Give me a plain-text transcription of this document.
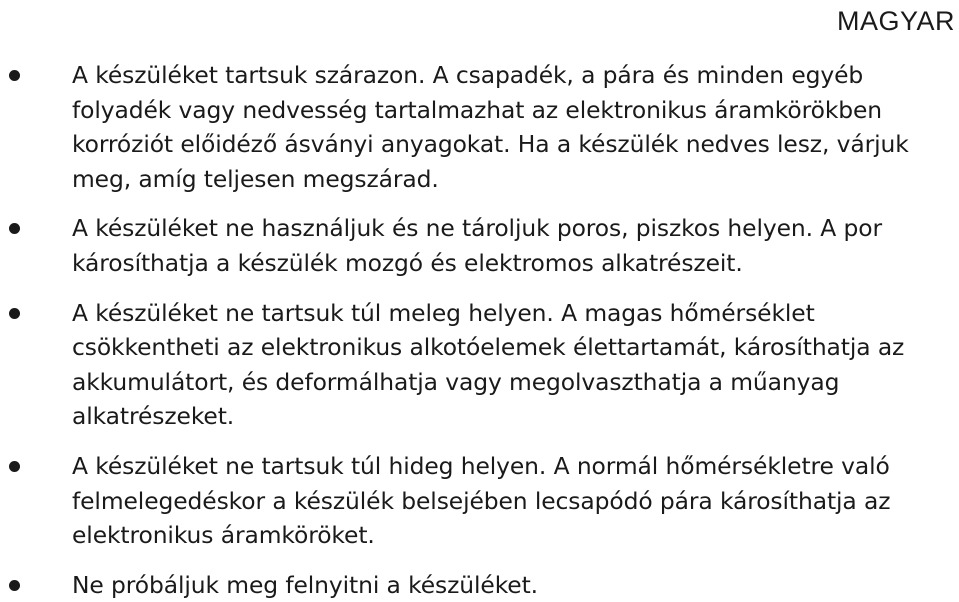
MAGYAR
A készüléket tartsuk szárazon. A csapadék, a pára és minden egyéb folyadék vagy nedvesség tartalmazhat az elektronikus áramkörökben korróziót előidéző ásványi anyagokat. Ha a készülék nedves lesz, várjuk meg, amíg teljesen megszárad.
A készüléket ne használjuk és ne tároljuk poros, piszkos helyen. A por károsíthatja a készülék mozgó és elektromos alkatrészeit.
A készüléket ne tartsuk túl meleg helyen. A magas hőmérséklet csökkentheti az elektronikus alkotóelemek élettartamát, károsíthatja az akkumulátort, és deformálhatja vagy megolvaszthatja a műanyag alkatrészeket.
A készüléket ne tartsuk túl hideg helyen. A normál hőmérsékletre való felmelegedéskor a készülék belsejében lecsapódó pára károsíthatja az elektronikus áramköröket.
Ne próbáljuk meg felnyitni a készüléket.
